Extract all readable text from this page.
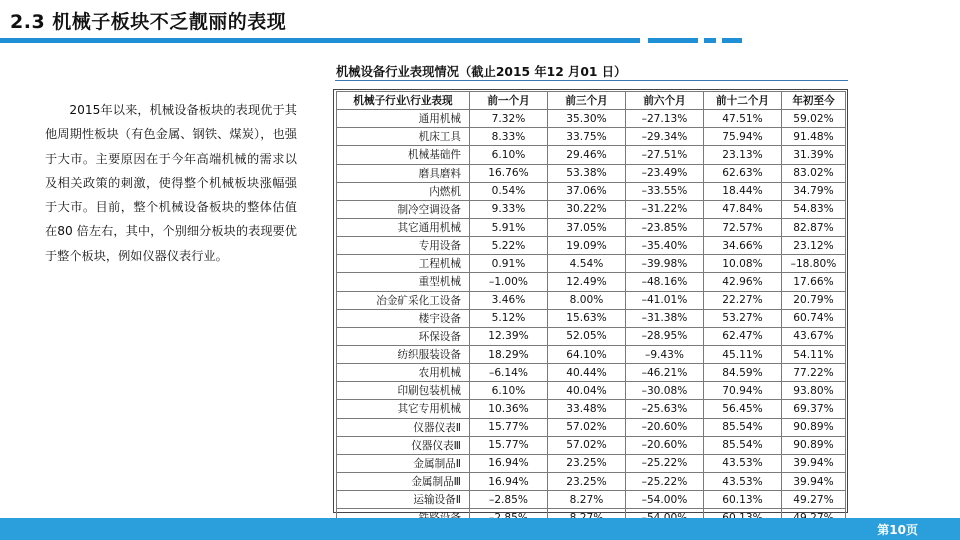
2.3 机械子板块不乏靓丽的表现
2015年以来，机械设备板块的表现优于其他周期性板块（有色金属、钢铁、煤炭），也强于大市。主要原因在于今年高端机械的需求以及相关政策的刺激，使得整个机械板块涨幅强于大市。目前，整个机械设备板块的整体估值在80 倍左右，其中，个别细分板块的表现要优于整个板块，例如仪器仪表行业。
机械设备行业表现情况（截止2015 年12 月01 日）
机械子行业\行业表现	前一个月	前三个月	前六个月	前十二个月	年初至今
通用机械	7.32%	35.30%	–27.13%	47.51%	59.02%
机床工具	8.33%	33.75%	–29.34%	75.94%	91.48%
机械基础件	6.10%	29.46%	–27.51%	23.13%	31.39%
磨具磨料	16.76%	53.38%	–23.49%	62.63%	83.02%
内燃机	0.54%	37.06%	–33.55%	18.44%	34.79%
制冷空调设备	9.33%	30.22%	–31.22%	47.84%	54.83%
其它通用机械	5.91%	37.05%	–23.85%	72.57%	82.87%
专用设备	5.22%	19.09%	–35.40%	34.66%	23.12%
工程机械	0.91%	4.54%	–39.98%	10.08%	–18.80%
重型机械	–1.00%	12.49%	–48.16%	42.96%	17.66%
冶金矿采化工设备	3.46%	8.00%	–41.01%	22.27%	20.79%
楼宇设备	5.12%	15.63%	–31.38%	53.27%	60.74%
环保设备	12.39%	52.05%	–28.95%	62.47%	43.67%
纺织服装设备	18.29%	64.10%	–9.43%	45.11%	54.11%
农用机械	–6.14%	40.44%	–46.21%	84.59%	77.22%
印刷包装机械	6.10%	40.04%	–30.08%	70.94%	93.80%
其它专用机械	10.36%	33.48%	–25.63%	56.45%	69.37%
仪器仪表Ⅱ	15.77%	57.02%	–20.60%	85.54%	90.89%
仪器仪表Ⅲ	15.77%	57.02%	–20.60%	85.54%	90.89%
金属制品Ⅱ	16.94%	23.25%	–25.22%	43.53%	39.94%
金属制品Ⅲ	16.94%	23.25%	–25.22%	43.53%	39.94%
运输设备Ⅱ	–2.85%	8.27%	–54.00%	60.13%	49.27%

第10页
